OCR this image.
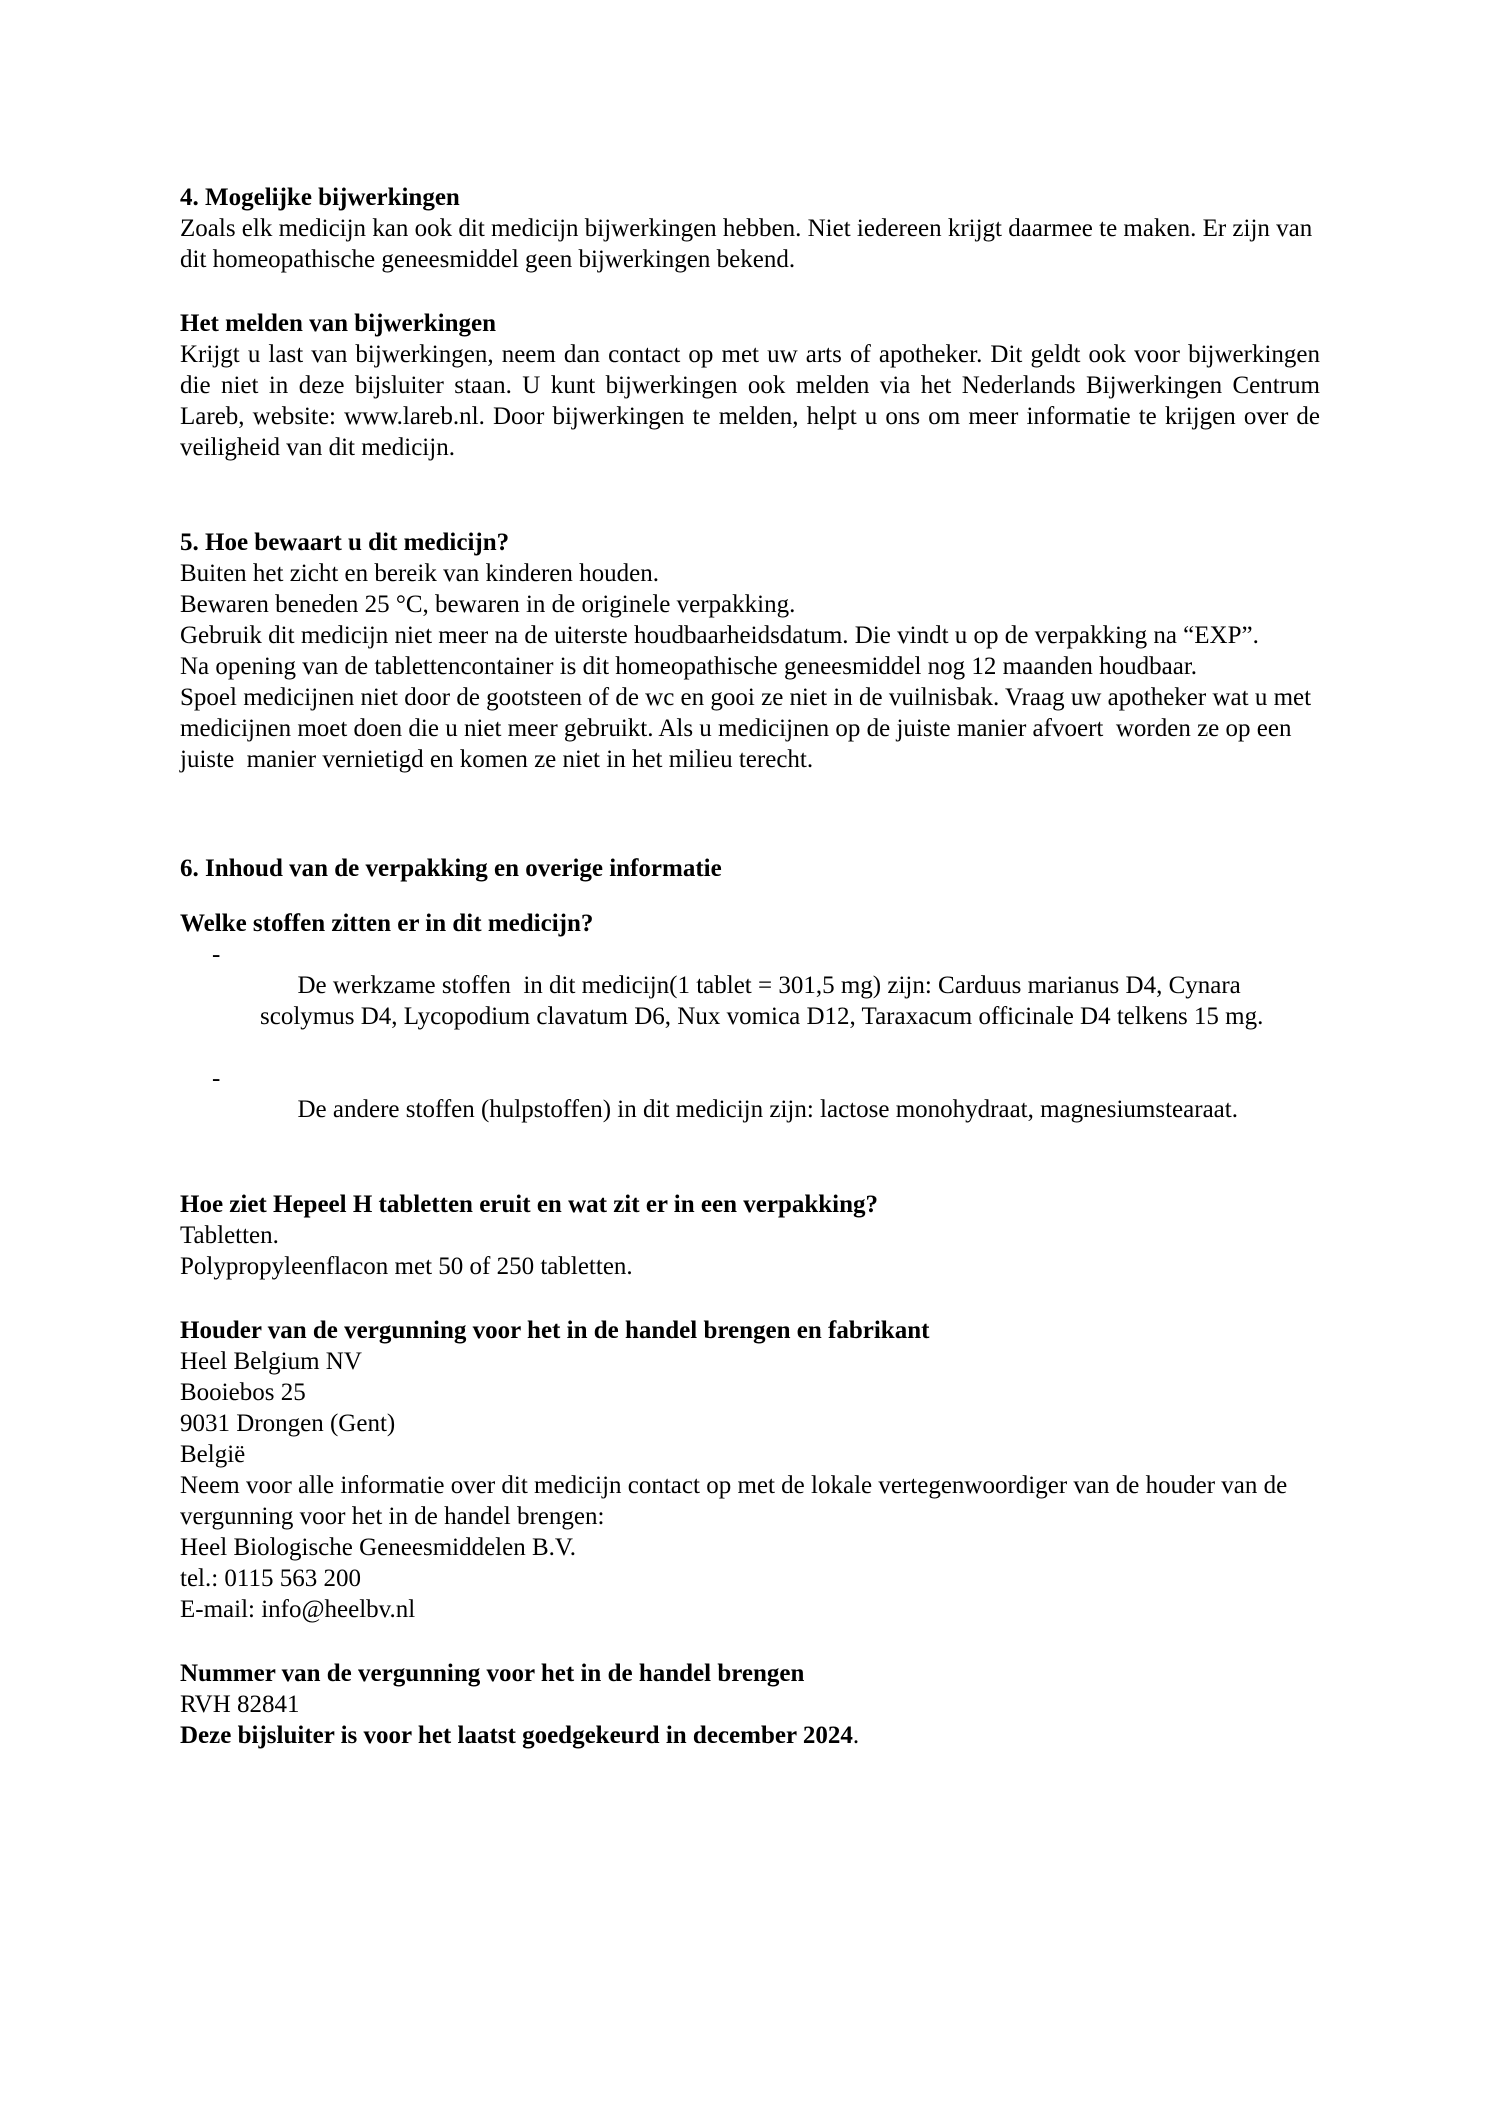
4. Mogelijke bijwerkingen

Zoals elk medicijn kan ook dit medicijn bijwerkingen hebben. Niet iedereen krijgt daarmee te maken. Er zijn van dit homeopathische geneesmiddel geen bijwerkingen bekend.

Het melden van bijwerkingen

Krijgt u last van bijwerkingen, neem dan contact op met uw arts of apotheker. Dit geldt ook voor bijwerkingen die niet in deze bijsluiter staan. U kunt bijwerkingen ook melden via het Nederlands Bijwerkingen Centrum Lareb, website: www.lareb.nl. Door bijwerkingen te melden, helpt u ons om meer informatie te krijgen over de veiligheid van dit medicijn.

5. Hoe bewaart u dit medicijn?

Buiten het zicht en bereik van kinderen houden.

Bewaren beneden 25 °C, bewaren in de originele verpakking.

Gebruik dit medicijn niet meer na de uiterste houdbaarheidsdatum. Die vindt u op de verpakking na “EXP”.

Na opening van de tablettencontainer is dit homeopathische geneesmiddel nog 12 maanden houdbaar.

Spoel medicijnen niet door de gootsteen of de wc en gooi ze niet in de vuilnisbak. Vraag uw apotheker wat u met medicijnen moet doen die u niet meer gebruikt. Als u medicijnen op de juiste manier afvoert  worden ze op een juiste  manier vernietigd en komen ze niet in het milieu terecht.

6. Inhoud van de verpakking en overige informatie
Welke stoffen zitten er in dit medicijn?

-
De werkzame stoffen  in dit medicijn(1 tablet = 301,5 mg) zijn: Carduus marianus D4, Cynara scolymus D4, Lycopodium clavatum D6, Nux vomica D12, Taraxacum officinale D4 telkens 15 mg.

-
De andere stoffen (hulpstoffen) in dit medicijn zijn: lactose monohydraat, magnesiumstearaat.

Hoe ziet Hepeel H tabletten eruit en wat zit er in een verpakking?

Tabletten.

Polypropyleenflacon met 50 of 250 tabletten.

Houder van de vergunning voor het in de handel brengen en fabrikant

Heel Belgium NV

Booiebos 25

9031 Drongen (Gent)

België

Neem voor alle informatie over dit medicijn contact op met de lokale vertegenwoordiger van de houder van de vergunning voor het in de handel brengen:

Heel Biologische Geneesmiddelen B.V.

tel.: 0115 563 200

E-mail: info@heelbv.nl

Nummer van de vergunning voor het in de handel brengen

RVH 82841

Deze bijsluiter is voor het laatst goedgekeurd in december 2024.
